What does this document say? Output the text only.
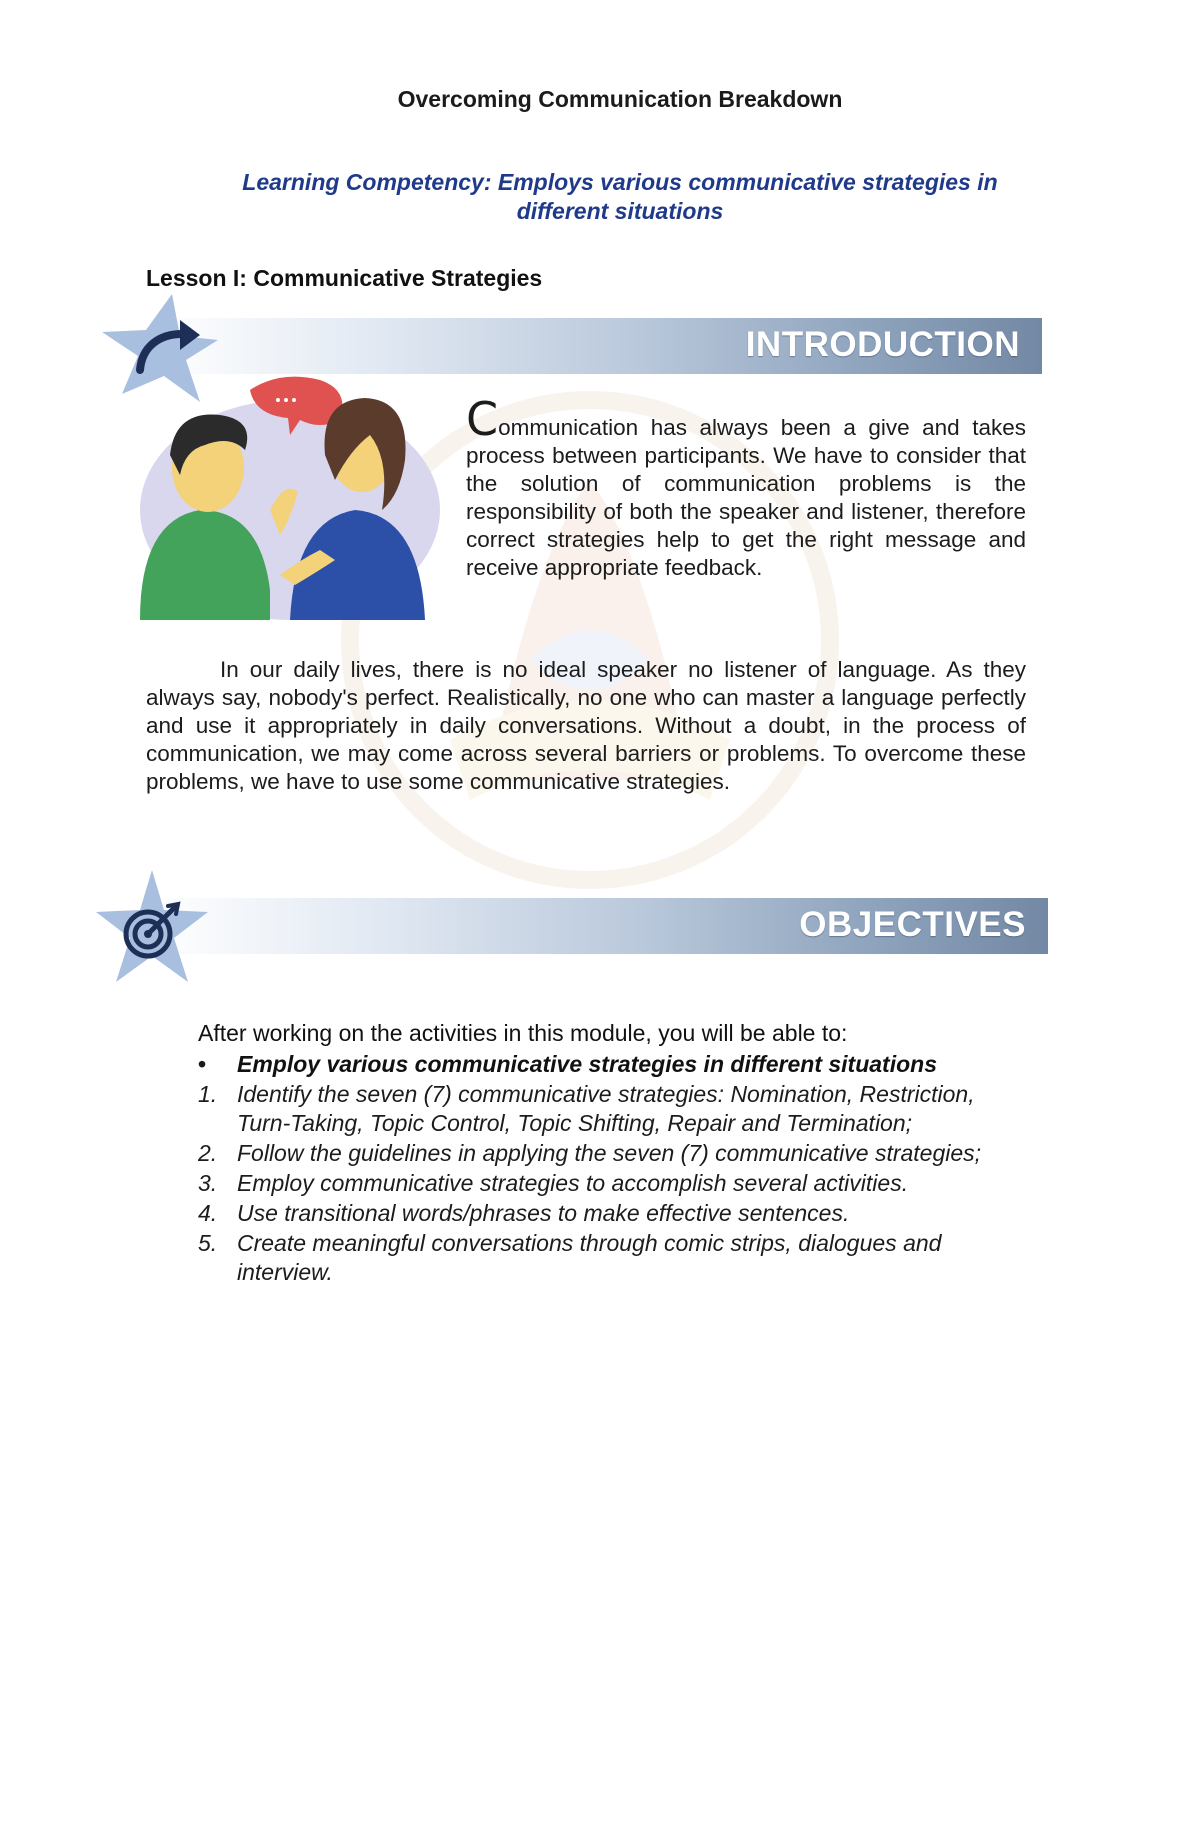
Overcoming Communication Breakdown
Learning Competency: Employs various communicative strategies in different situations
Lesson I: Communicative Strategies
INTRODUCTION
Communication has always been a give and takes process between participants. We have to consider that the solution of communication problems is the responsibility of both the speaker and listener, therefore correct strategies help to get the right message and receive appropriate feedback.
In our daily lives, there is no ideal speaker no listener of language. As they always say, nobody's perfect. Realistically, no one who can master a language perfectly and use it appropriately in daily conversations. Without a doubt, in the process of communication, we may come across several barriers or problems. To overcome these problems, we have to use some communicative strategies.
OBJECTIVES
After working on the activities in this module, you will be able to:
•	Employ various communicative strategies in different situations
1. Identify the seven (7) communicative strategies: Nomination, Restriction, Turn-Taking, Topic Control, Topic Shifting, Repair and Termination;
2. Follow the guidelines in applying the seven (7) communicative strategies;
3. Employ communicative strategies to accomplish several activities.
4. Use transitional words/phrases to make effective sentences.
5. Create meaningful conversations through comic strips, dialogues and interview.
